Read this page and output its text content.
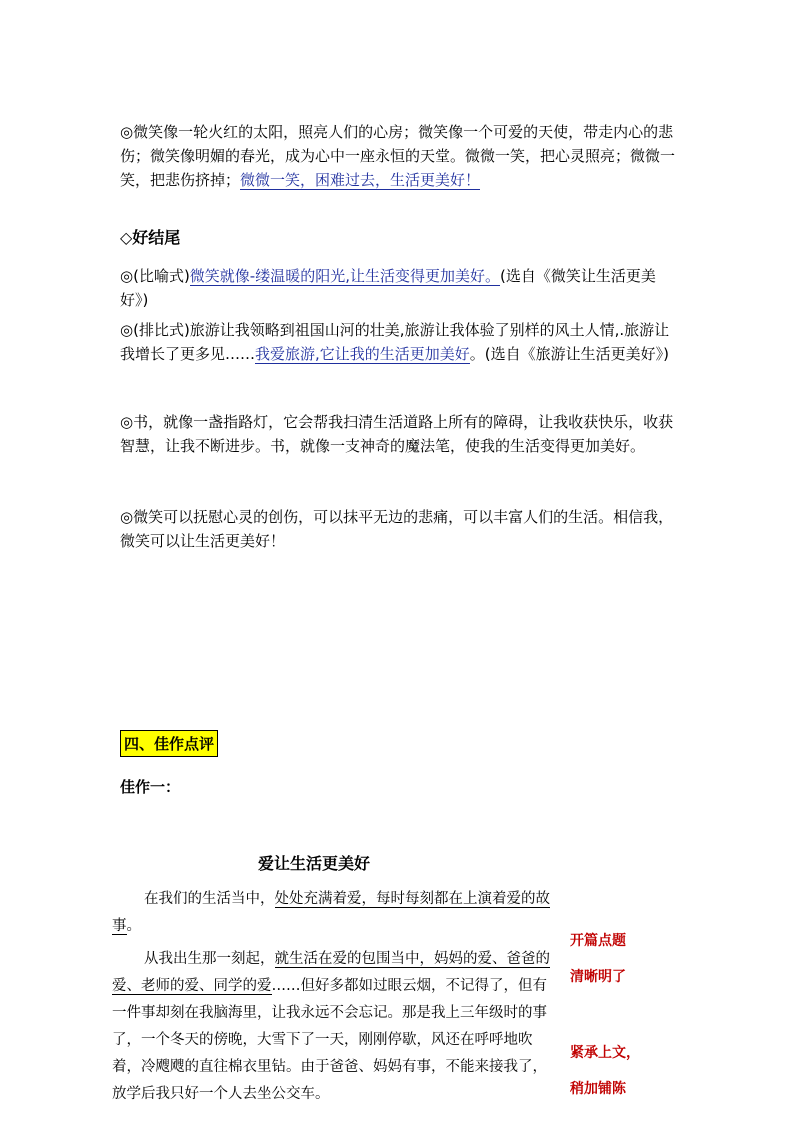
◎微笑像一轮火红的太阳，照亮人们的心房；微笑像一个可爱的天使，带走内心的悲伤；微笑像明媚的春光，成为心中一座永恒的天堂。微微一笑，把心灵照亮；微微一笑，把悲伤挤掉；微微一笑，困难过去，生活更美好！

◇好结尾

◎(比喻式)微笑就像-缕温暖的阳光,让生活变得更加美好。(选自《微笑让生活更美好》)

◎(排比式)旅游让我领略到祖国山河的壮美,旅游让我体验了别样的风土人情,.旅游让我增长了更多见……我爱旅游,它让我的生活更加美好。(选自《旅游让生活更美好》)

◎书，就像一盏指路灯，它会帮我扫清生活道路上所有的障碍，让我收获快乐，收获智慧，让我不断进步。书，就像一支神奇的魔法笔，使我的生活变得更加美好。

◎微笑可以抚慰心灵的创伤，可以抹平无边的悲痛，可以丰富人们的生活。相信我，微笑可以让生活更美好！

四、佳作点评
佳作一：
爱让生活更美好

在我们的生活当中，处处充满着爱，每时每刻都在上演着爱的故事。

从我出生那一刻起，就生活在爱的包围当中，妈妈的爱、爸爸的爱、老师的爱、同学的爱……但好多都如过眼云烟，不记得了，但有一件事却刻在我脑海里，让我永远不会忘记。那是我上三年级时的事了，一个冬天的傍晚，大雪下了一天，刚刚停歇，风还在呼呼地吹着，冷飕飕的直往棉衣里钻。由于爸爸、妈妈有事，不能来接我了，放学后我只好一个人去坐公交车。

开篇点题
清晰明了
紧承上文，
稍加铺陈
